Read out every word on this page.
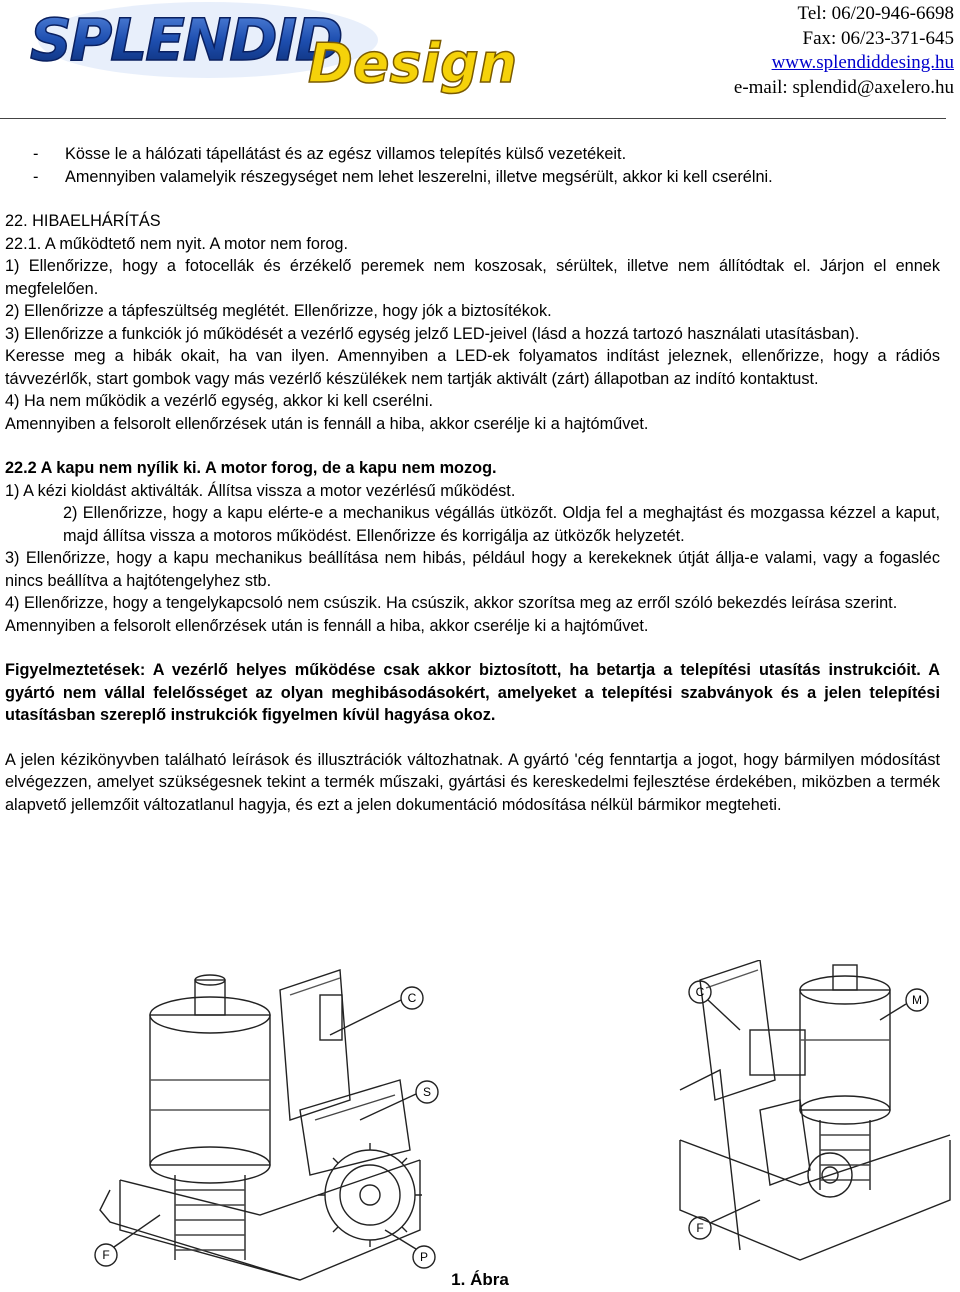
SPLENDID
Design
Tel: 06/20-946-6698
Fax: 06/23-371-645
www.splendiddesing.hu
e-mail: splendid@axelero.hu

- Kösse le a hálózati tápellátást és az egész villamos telepítés külső vezetékeit.

- Amennyiben valamelyik részegységet nem lehet leszerelni, illetve megsérült, akkor ki kell cserélni.

22. HIBAELHÁRÍTÁS

22.1. A működtető nem nyit. A motor nem forog.

1) Ellenőrizze, hogy a fotocellák és érzékelő peremek nem koszosak, sérültek, illetve nem állítódtak el. Járjon el ennek megfelelően.

2) Ellenőrizze a tápfeszültség meglétét. Ellenőrizze, hogy jók a biztosítékok.

3) Ellenőrizze a funkciók jó működését a vezérlő egység jelző LED-jeivel (lásd a hozzá tartozó használati utasításban).

Keresse meg a hibák okait, ha van ilyen. Amennyiben a LED-ek folyamatos indítást jeleznek, ellenőrizze, hogy a rádiós távvezérlők, start gombok vagy más vezérlő készülékek nem tartják aktivált (zárt) állapotban az indító kontaktust.

4) Ha nem működik a vezérlő egység, akkor ki kell cserélni.

Amennyiben a felsorolt ellenőrzések után is fennáll a hiba, akkor cserélje ki a hajtóművet.

22.2 A kapu nem nyílik ki. A motor forog, de a kapu nem mozog.

1) A kézi kioldást aktiválták. Állítsa vissza a motor vezérlésű működést.

2) Ellenőrizze, hogy a kapu elérte-e a mechanikus végállás ütközőt. Oldja fel a meghajtást és mozgassa kézzel a kaput, majd állítsa vissza a motoros működést. Ellenőrizze és korrigálja az ütközők helyzetét.

3) Ellenőrizze, hogy a kapu mechanikus beállítása nem hibás, például hogy a kerekeknek útját állja-e valami, vagy a fogasléc nincs beállítva a hajtótengelyhez stb.

4) Ellenőrizze, hogy a tengelykapcsoló nem csúszik. Ha csúszik, akkor szorítsa meg az erről szóló bekezdés leírása szerint.

Amennyiben a felsorolt ellenőrzések után is fennáll a hiba, akkor cserélje ki a hajtóművet.

Figyelmeztetések: A vezérlő helyes működése csak akkor biztosított, ha betartja a telepítési utasítás instrukcióit. A gyártó nem vállal felelősséget az olyan meghibásodásokért, amelyeket a telepítési szabványok és a jelen telepítési utasításban szereplő instrukciók figyelmen kívül hagyása okoz.

A jelen kézikönyvben található leírások és illusztrációk változhatnak. A gyártó 'cég fenntartja a jogot, hogy bármilyen módosítást elvégezzen, amelyet szükségesnek tekint a termék műszaki, gyártási és kereskedelmi fejlesztése érdekében, miközben a termék alapvető jellemzőit változatlanul hagyja, és ezt a jelen dokumentáció módosítása nélkül bármikor megteheti.

C
S
F	P
C
M
F
1. Ábra
